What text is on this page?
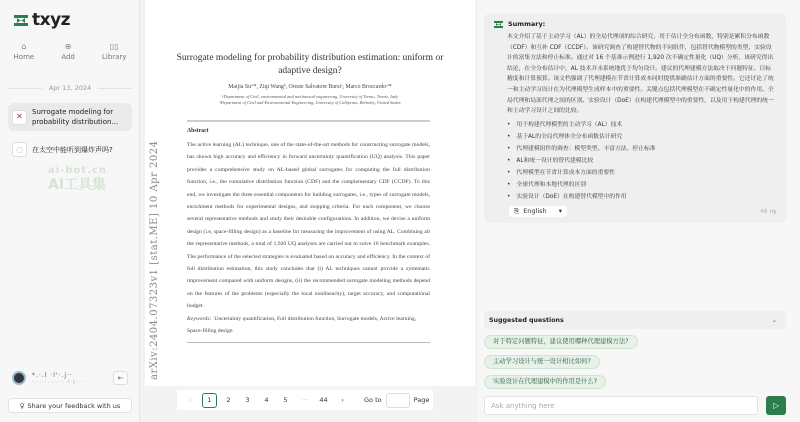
txyz
⌂
Home
⊕
Add
▯▯
Library
Apr 13, 2024
✕	Surrogate modeling for probability distribution...
◌	在太空中能听到爆炸声吗?
ai-bot.cn
AI工具集
*.·.l ·l'·.j··
·.·.··.·..··.·l·j·.··	⇤
♀ Share your feedback with us
arXiv:2404.07323v1 [stat.ME] 10 Apr 2024
Surrogate modeling for probability distribution estimation: uniform or adaptive design?
Maijia Suᵃ'*, Ziqi Wangᵇ, Oreste Salvatore Bursiᵃ, Marco Broccardoᵃ'*
ᵃDepartment of Civil, environmental and mechanical engineering, University of Trento, Trento, Italy
ᵇDepartment of Civil and Environmental Engineering, University of California, Berkeley, United States
Abstract
The active learning (AL) technique, one of the state-of-the-art methods for constructing surrogate models, has shown high accuracy and efficiency in forward uncertainty quantification (UQ) analysis. This paper provides a comprehensive study on AL-based global surrogates for computing the full distribution function, i.e., the cumulative distribution function (CDF) and the complementary CDF (CCDF). To this end, we investigate the three essential components for building surrogates, i.e., types of surrogate models, enrichment methods for experimental designs, and stopping criteria. For each component, we choose several representative methods and study their desirable configurations. In addition, we devise a uniform design (i.e, space-filling design) as a baseline for measuring the improvement of using AL. Combining all the representative methods, a total of 1,920 UQ analyses are carried out to solve 16 benchmark examples. The performance of the selected strategies is evaluated based on accuracy and efficiency. In the context of full distribution estimation, this study concludes that (i) AL techniques cannot provide a systematic improvement compared with uniform designs, (ii) the recommended surrogate modeling methods depend on the features of the problems (especially the local nonlinearity), target accuracy, and computational budget.
Keywords: Uncertainty quantification, Full distribution function, Surrogate models, Active learning, Space-filling design
‹	1	2	3	4	5	···	44	›	Go to	Page
Summary:
本文介绍了基于主动学习（AL）的全局代理项的综合研究，用于估计全分布函数，特别是累积分布函数（CDF）和互补 CDF（CCDF）。该研究调查了构建替代物的不同组件，包括替代物模型的类型、实验设计的富集方法和停止标准。通过对 16 个基准示例进行 1,920 次不确定性量化（UQ）分析，该研究得出结论，在全分布估计中，AL 技术并未系统地优于均匀设计。建议的代理建模方法取决于问题特征、目标精度和计算预算。该文档强调了代理建模在节省计算成本同时提供准确估计方面的重要性。它还讨论了统一和主动学习设计在为代理模型生成样本中的重要性。关键点包括代理模型在不确定性量化中的作用、全局代理和局部代理之间的区别、实验设计（DoE）在构建代理模型中的重要性，以及用于构建代理的统一和主动学习设计之间的比较。
• 用于构建代理模型的主动学习（AL）技术
• 基于AL的全局代理体全分布函数估计研究
• 代理建模组件的调查：模型类型、丰富方法、停止标准
• AL和统一设计的替代建模比较
• 代理模型在节省计算成本方面的重要性
• 全球代理和本地代理的区别
• 实验设计（DoE）在构建替代模型中的作用
⎘ English ▾	👍︎ 👎︎
Suggested questions	⌄
对于特定问题特征，建议使用哪种代理建模方法?
主动学习设计与统一设计相比如何?
实验设计在代理建模中的作用是什么?
Ask anything here	▷
